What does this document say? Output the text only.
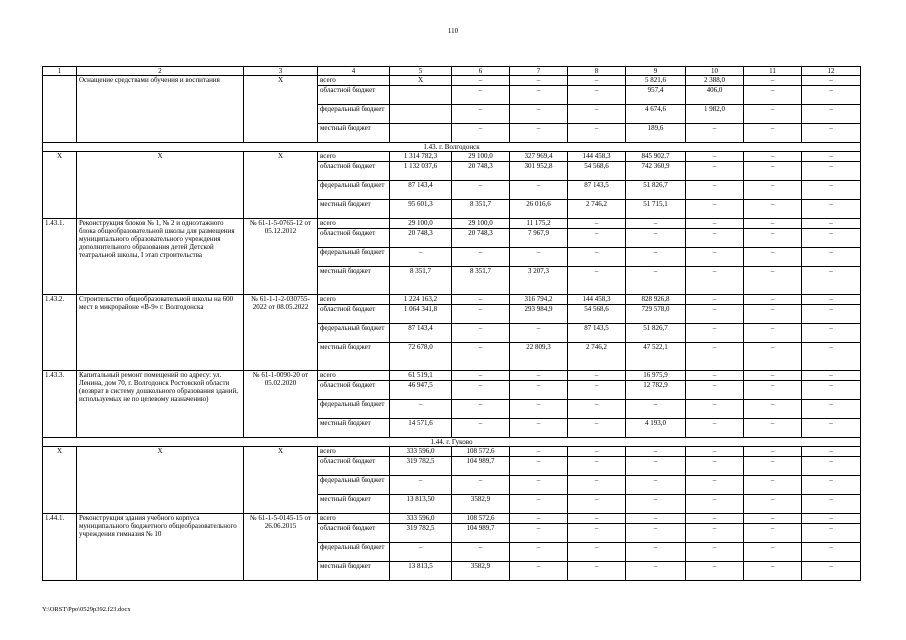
110
1	2	3	4	5	6	7	8	9	10	11	12
	Оснащение средствами обучения и воспитания	X	всего	X	–	–	–	5 821,6	2 388,0	–	–
			областной бюджет		–	–	–	957,4	406,0	–	–
			федеральный бюджет		–	–	–	4 674,6	1 982,0	–	–
			местный бюджет		–	–	–	189,6	–	–	–
1.43. г. Волгодонск											
X	X	X	всего	1 314 782,3	29 100,0	327 969,4	144 458,3	845 902,7	–	–	–
			областной бюджет	1 132 037,6	20 748,3	301 952,8	54 568,6	742 360,9	–	–	–
			федеральный бюджет	87 143,4	–	–	87 143,5	51 826,7	–	–	–
			местный бюджет	95 601,3	8 351,7	26 016,6	2 746,2	51 715,1	–	–	–
1.43.1.	Реконструкция блоков № 1, № 2 и одноэтажного блока общеобразовательной школы для размещения муниципального образовательного учреждения дополнительного образования детей Детской театральной школы, I этап строительства	№ 61-1-5-0765-12 от 05.12.2012	всего	29 100,0	29 100,0	11 175,2	–	–	–	–	–
			областной бюджет	20 748,3	20 748,3	7 967,9	–	–	–	–	–
			федеральный бюджет	–	–	–	–	–	–	–	–
			местный бюджет	8 351,7	8 351,7	3 207,3	–	–	–	–	–
1.43.2.	Строительство общеобразовательной школы на 600 мест в микрорайоне «В-9» г. Волгодонска	№ 61-1-1-2-030755-2022 от 08.05.2022	всего	1 224 163,2	–	316 794,2	144 458,3	828 926,8	–	–	–
			областной бюджет	1 064 341,8	–	293 984,9	54 568,6	729 578,0	–	–	–
			федеральный бюджет	87 143,4	–	–	87 143,5	51 826,7	–	–	–
			местный бюджет	72 678,0	–	22 809,3	2 746,2	47 522,1	–	–	–
1.43.3.	Капитальный ремонт помещений по адресу: ул. Ленина, дом 70, г. Волгодонск Ростовской области (возврат в систему дошкольного образования зданий, используемых не по целевому назначению)	№ 61-1-0090-20 от 05.02.2020	всего	61 519,1	–	–	–	16 975,9	–	–	–
			областной бюджет	46 947,5	–	–	–	12 782,9	–	–	–
			федеральный бюджет	–	–	–	–	–	–	–	–
			местный бюджет	14 571,6	–	–	–	4 193,0	–	–	–
1.44. г. Гуково											
X	X	X	всего	333 596,0	108 572,6	–	–	–	–	–	–
			областной бюджет	319 782,5	104 989,7	–	–	–	–	–	–
			федеральный бюджет	–	–	–	–	–	–	–	–
			местный бюджет	13 813,50	3582,9	–	–	–	–	–	–
1.44.1.	Реконструкция здания учебного корпуса муниципального бюджетного общеобразовательного учреждения гимназия № 10	№ 61-1-5-0145-15 от 26.06.2015	всего	333 596,0	108 572,6	–	–	–	–	–	–
			областной бюджет	319 782,5	104 989,7	–	–	–	–	–	–
			федеральный бюджет	–	–	–	–	–	–	–	–
			местный бюджет	13 813,5	3582,9	–	–	–	–	–	–
Y:\ORST\Ppo\0529p392.f23.docx
